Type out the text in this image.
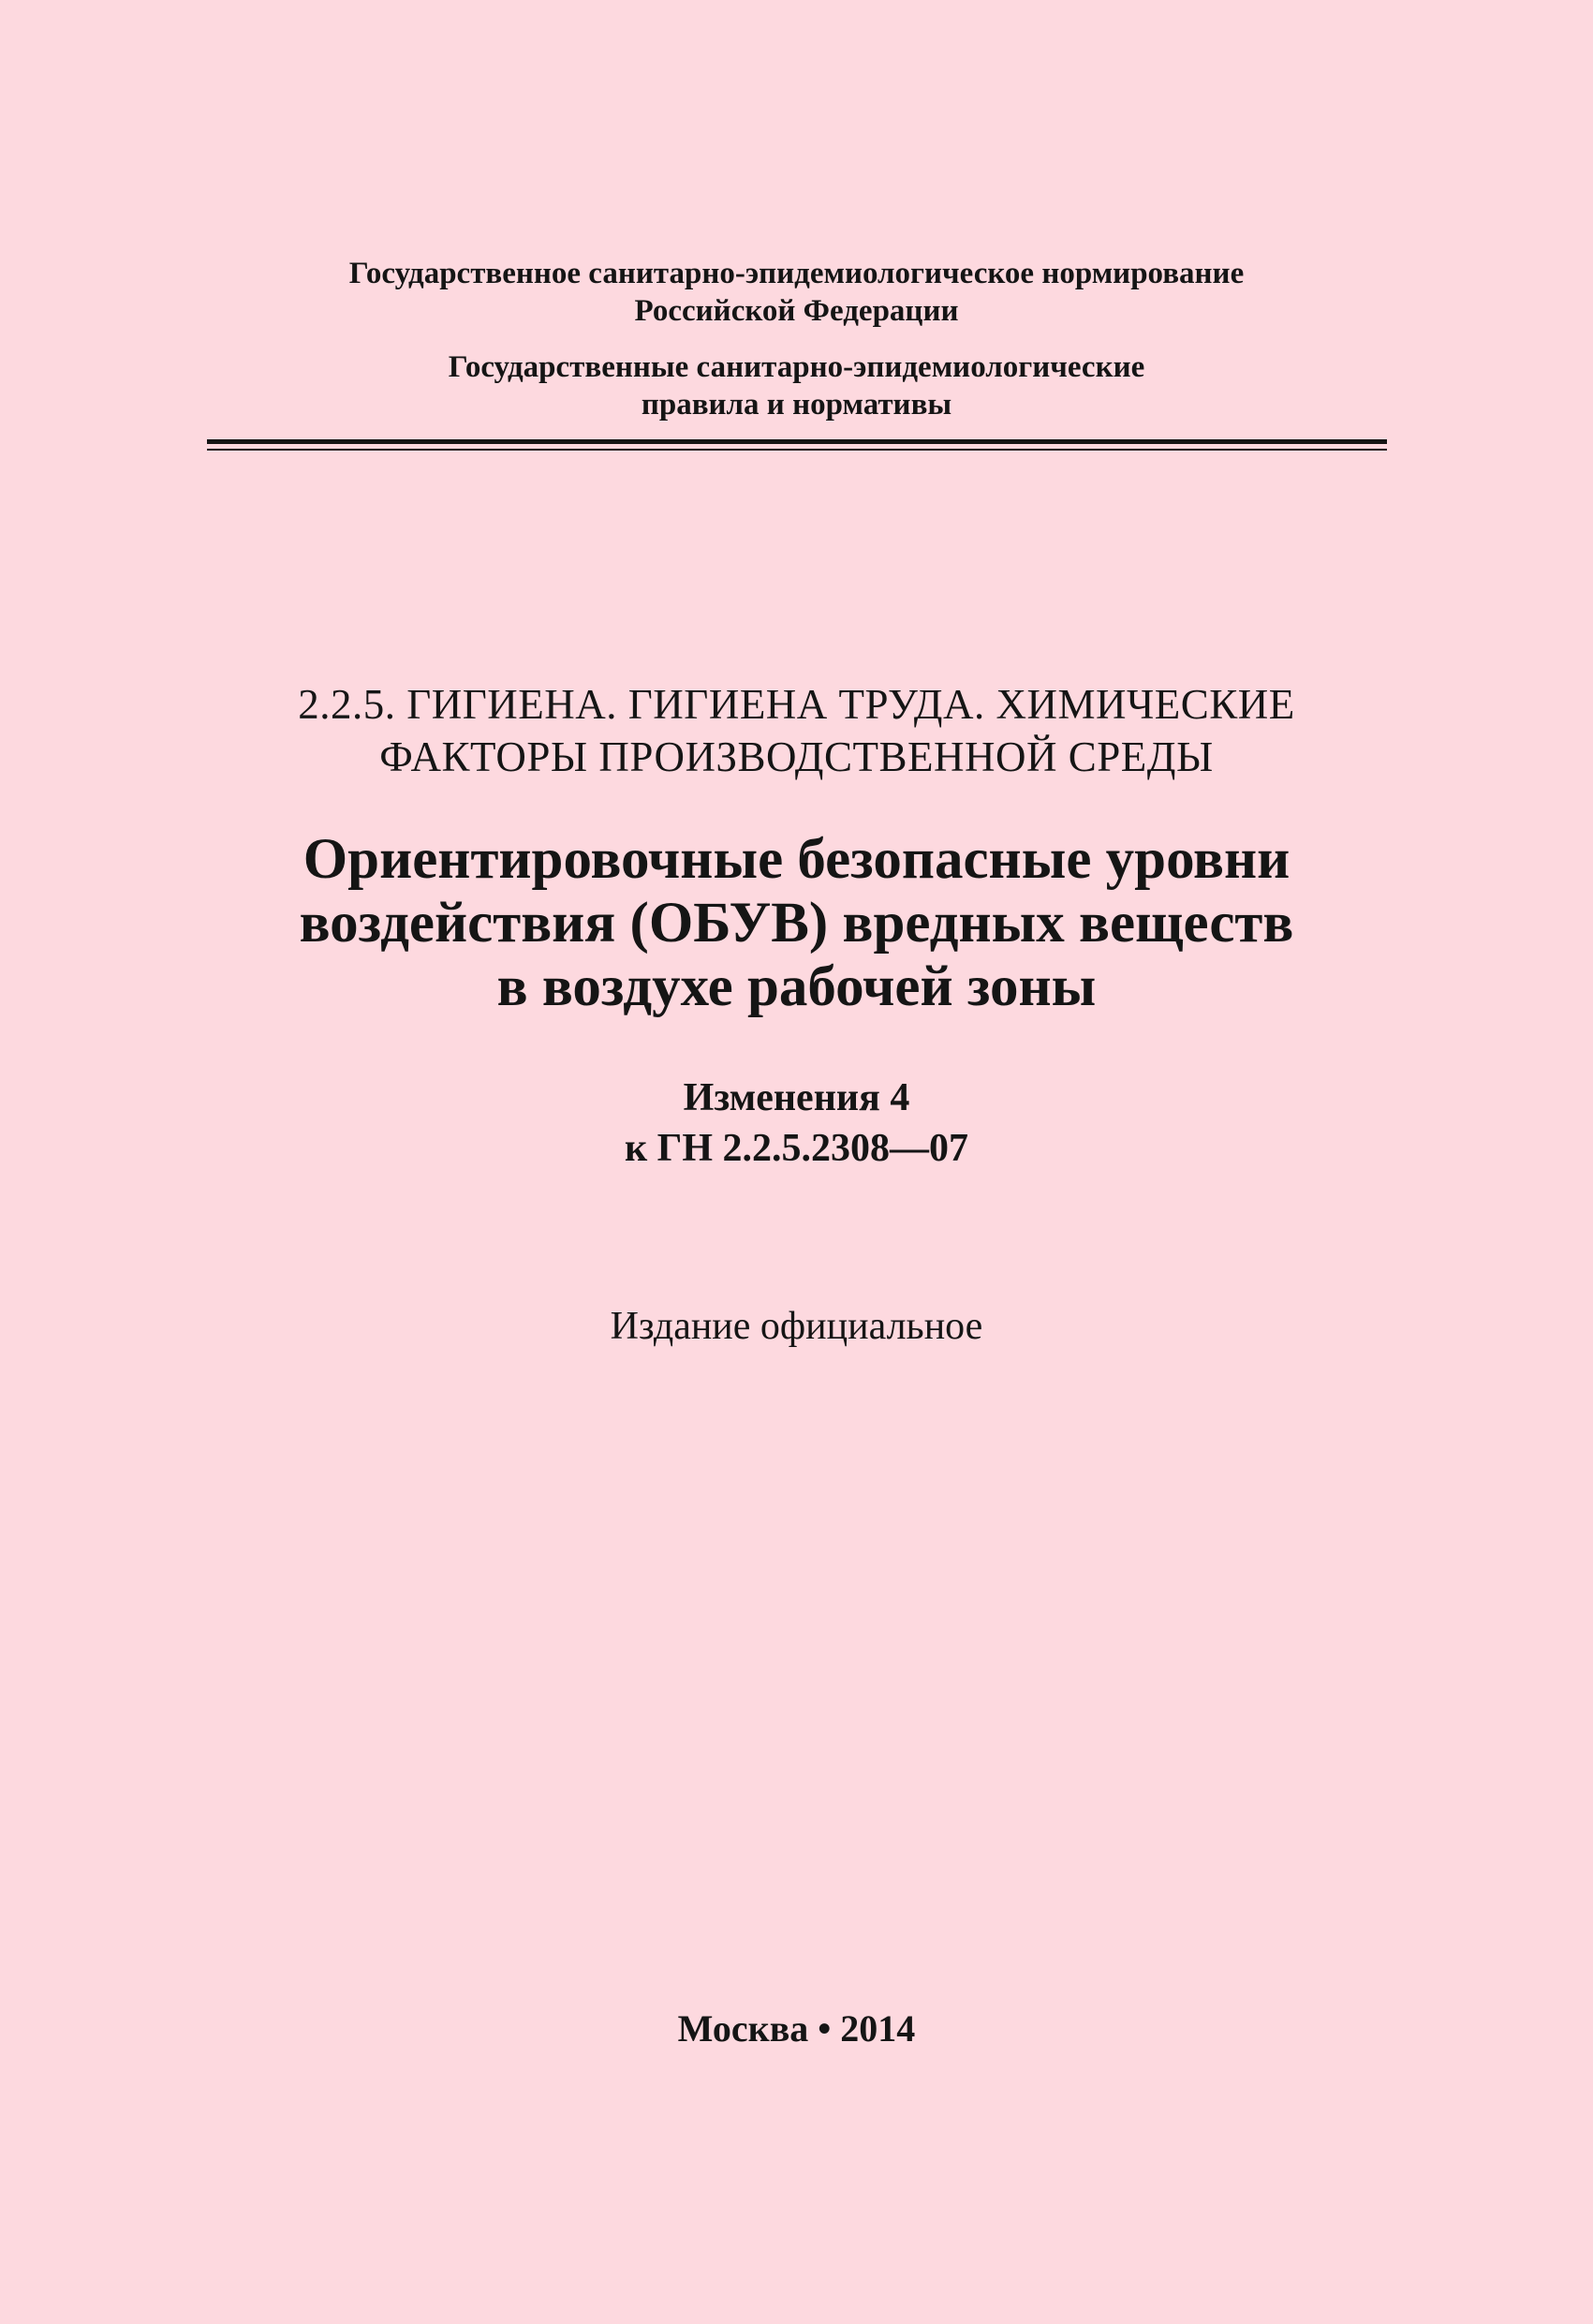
Государственное санитарно-эпидемиологическое нормирование
Российской Федерации
Государственные санитарно-эпидемиологические
правила и нормативы
2.2.5. ГИГИЕНА. ГИГИЕНА ТРУДА. ХИМИЧЕСКИЕ
ФАКТОРЫ ПРОИЗВОДСТВЕННОЙ СРЕДЫ
Ориентировочные безопасные уровни
воздействия (ОБУВ) вредных веществ
в воздухе рабочей зоны
Изменения 4
к ГН 2.2.5.2308—07
Издание официальное
Москва • 2014
